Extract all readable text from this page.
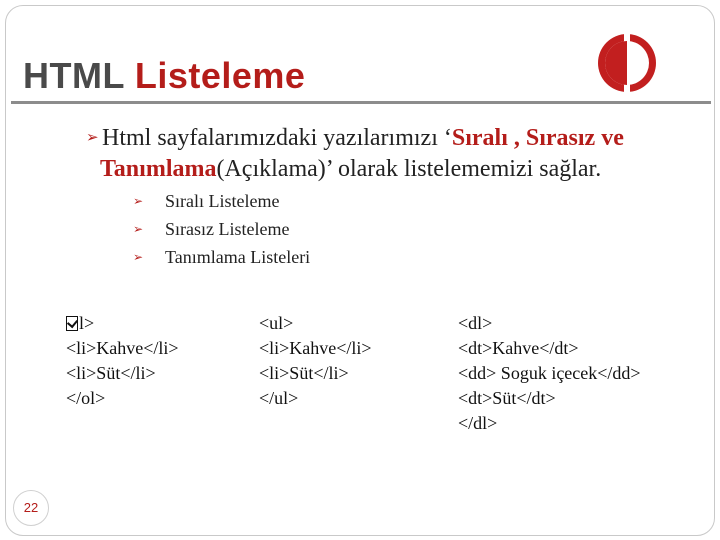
HTML Listeleme
➢ Html sayfalarımızdaki yazılarımızı ‘Sıralı , Sırasız ve
Tanımlama(Açıklama)’ olarak listelememizi sağlar.
➢ Sıralı Listeleme
➢ Sırasız Listeleme
➢ Tanımlama Listeleri
l>
<li>Kahve</li>
<li>Süt</li>
</ol>
<ul>
<li>Kahve</li>
<li>Süt</li>
</ul>
<dl>
<dt>Kahve</dt>
<dd> Soguk içecek</dd>
<dt>Süt</dt>
</dl>
22
